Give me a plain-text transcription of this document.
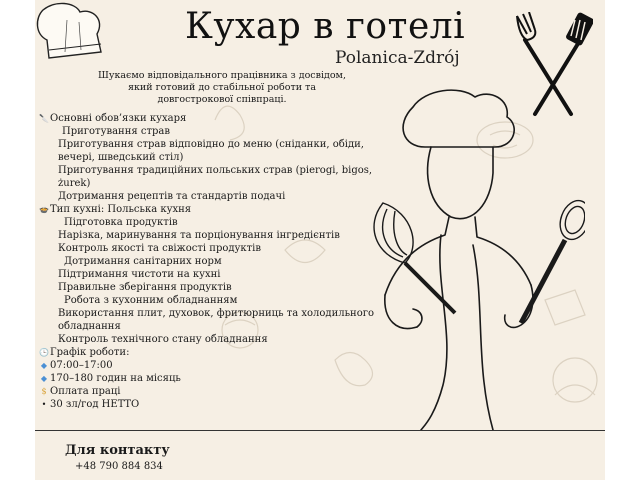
Кухар в готелі
Polanica-Zdrój
Шукаємо відповідального працівника з досвідом, який готовий до стабільної роботи та довгострокової співпраці.
🔪Основні обов’язки кухаря
Приготування страв
Приготування страв відповідно до меню (сніданки, обіди, вечері, шведський стіл)
Приготування традиційних польських страв (pierogi, bigos, żurek)
Дотримання рецептів та стандартів подачі
🍲Тип кухні: Польська кухня
Підготовка продуктів
Нарізка, маринування та порціонування інгредієнтів
Контроль якості та свіжості продуктів
Дотримання санітарних норм
Підтримання чистоти на кухні
Правильне зберігання продуктів
Робота з кухонним обладнанням
Використання плит, духовок, фритюрниць та холодильного обладнання
Контроль технічного стану обладнання
🕒Графік роботи:
◆ 07:00–17:00
◆ 170–180 годин на місяць
$ Оплата праці
• 30 зл/год НЕТТО
Для контакту
+48 790 884 834
